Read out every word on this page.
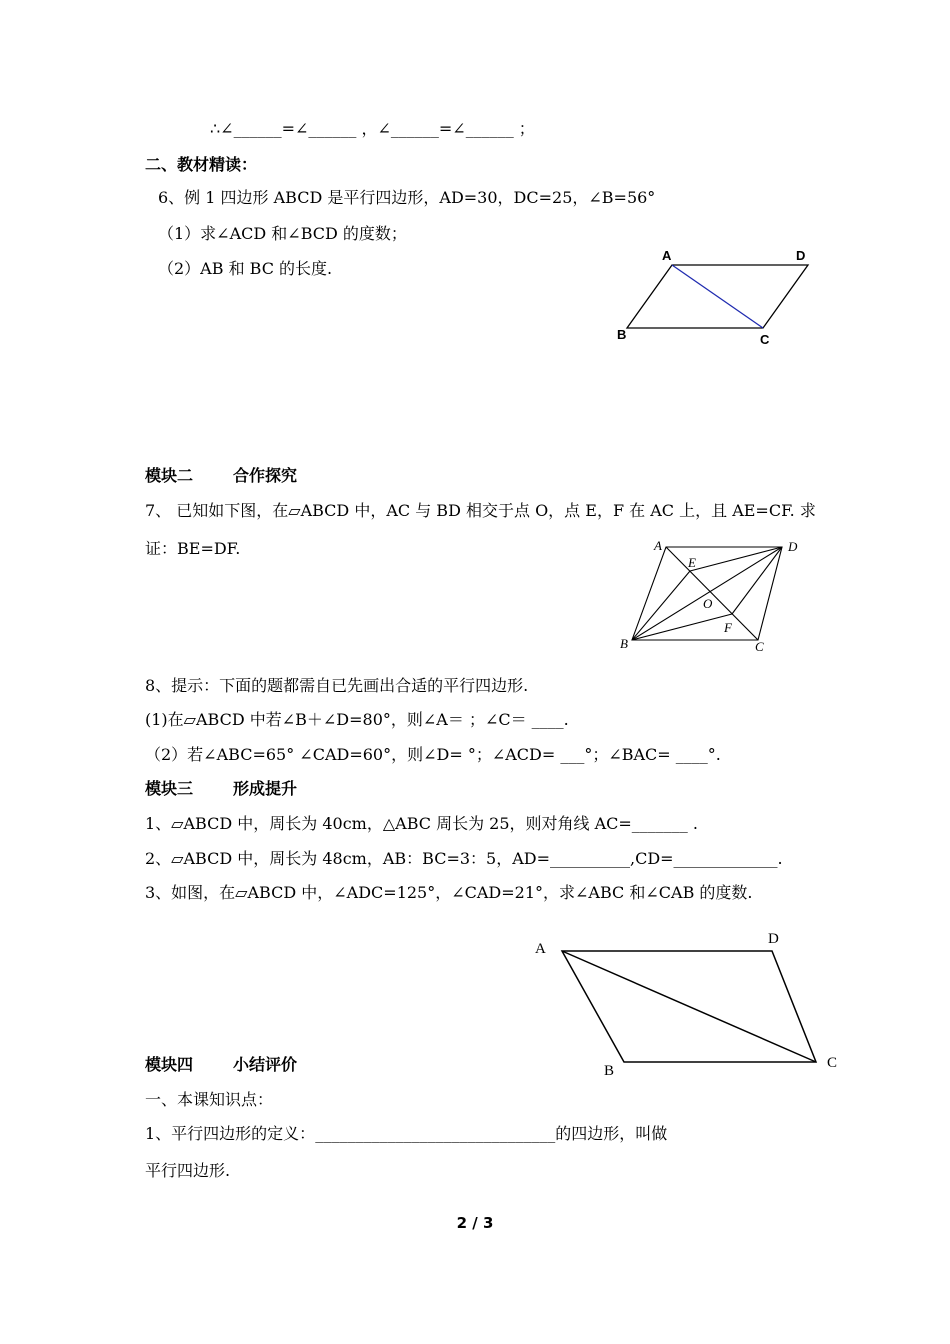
∴∠______=∠______ ，∠______=∠______ ；
二、教材精读：
6、例 1 四边形 ABCD 是平行四边形，AD=30，DC=25，∠B=56°
（1）求∠ACD 和∠BCD 的度数；
（2）AB 和 BC 的长度.
A	D
B	C
模块二	合作探究
7、 已知如下图，在▱ABCD 中，AC 与 BD 相交于点 O，点 E，F 在 AC 上，且 AE=CF. 求
证：BE=DF.	A	D
B	C
E
O
F
8、提示：下面的题都需自已先画出合适的平行四边形.
(1)在▱ABCD 中若∠B＋∠D=80°，则∠A＝ ；∠C＝ ____.
（2）若∠ABC=65° ∠CAD=60°，则∠D= °；∠ACD= ___°；∠BAC= ____°.
模块三	形成提升
1、▱ABCD 中，周长为 40cm，△ABC 周长为 25，则对角线 AC=_______ .
2、▱ABCD 中，周长为 48cm，AB：BC=3：5，AD=__________,CD=_____________.
3、如图，在▱ABCD 中，∠ADC=125°，∠CAD=21°，求∠ABC 和∠CAB 的度数.
A
D
B	C
模块四	小结评价
一、本课知识点：
1、平行四边形的定义：______________________________的四边形，叫做
平行四边形.
2 / 3
